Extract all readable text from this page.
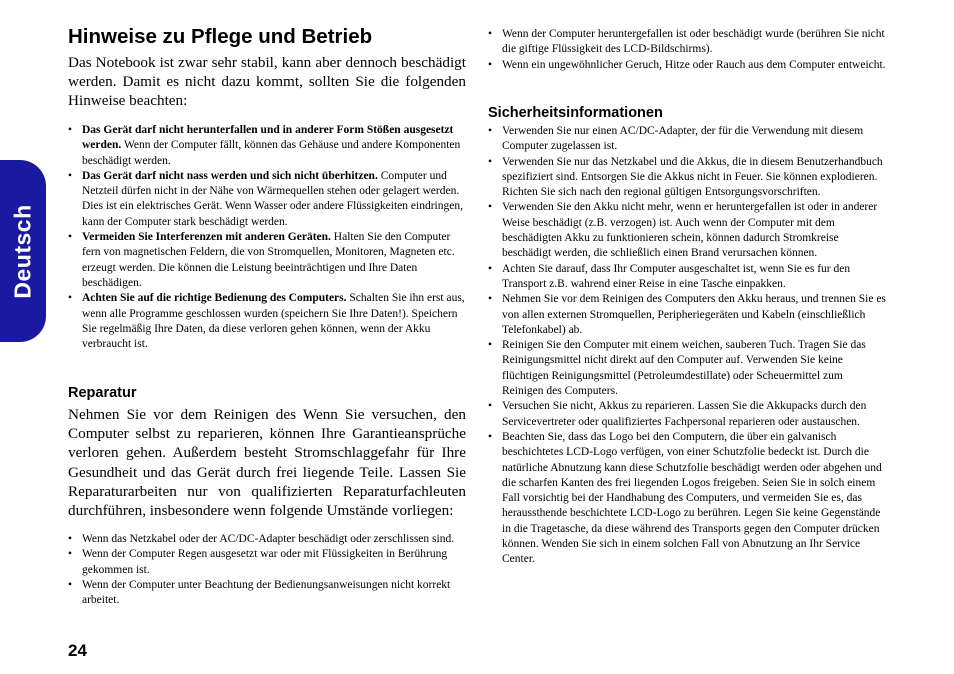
Deutsch
Hinweise zu Pflege und Betrieb

Das Notebook ist zwar sehr stabil, kann aber dennoch beschädigt werden. Damit es nicht dazu kommt, sollten Sie die folgenden Hinweise beachten:

• Das Gerät darf nicht herunterfallen und in anderer Form Stößen ausgesetzt werden. Wenn der Computer fällt, können das Gehäuse und andere Komponenten beschädigt werden.
• Das Gerät darf nicht nass werden und sich nicht überhitzen. Computer und Netzteil dürfen nicht in der Nähe von Wärmequellen stehen oder gelagert werden. Dies ist ein elektrisches Gerät. Wenn Wasser oder andere Flüssigkeiten eindringen, kann der Computer stark beschädigt werden.
• Vermeiden Sie Interferenzen mit anderen Geräten. Halten Sie den Computer fern von magnetischen Feldern, die von Stromquellen, Monitoren, Magneten etc. erzeugt werden. Die können die Leistung beeinträchtigen und Ihre Daten beschädigen.
• Achten Sie auf die richtige Bedienung des Computers. Schalten Sie ihn erst aus, wenn alle Programme geschlossen wurden (speichern Sie Ihre Daten!). Speichern Sie regelmäßig Ihre Daten, da diese verloren gehen können, wenn der Akku verbraucht ist.
Reparatur

Nehmen Sie vor dem Reinigen des Wenn Sie versuchen, den Computer selbst zu reparieren, können Ihre Garantieansprüche verloren gehen. Außerdem besteht Stromschlaggefahr für Ihre Gesundheit und das Gerät durch frei liegende Teile. Lassen Sie Reparaturarbeiten nur von qualifizierten Reparaturfachleuten durchführen, insbesondere wenn folgende Umstände vorliegen:

• Wenn das Netzkabel oder der AC/DC-Adapter beschädigt oder zerschlissen sind.
• Wenn der Computer Regen ausgesetzt war oder mit Flüssigkeiten in Berührung gekommen ist.
• Wenn der Computer unter Beachtung der Bedienungsanweisungen nicht korrekt arbeitet.
• Wenn der Computer heruntergefallen ist oder beschädigt wurde (berühren Sie nicht die giftige Flüssigkeit des LCD-Bildschirms).
• Wenn ein ungewöhnlicher Geruch, Hitze oder Rauch aus dem Computer entweicht.
Sicherheitsinformationen
• Verwenden Sie nur einen AC/DC-Adapter, der für die Verwendung mit diesem Computer zugelassen ist.
• Verwenden Sie nur das Netzkabel und die Akkus, die in diesem Benutzerhandbuch spezifiziert sind. Entsorgen Sie die Akkus nicht in Feuer. Sie können explodieren. Richten Sie sich nach den regional gültigen Entsorgungsvorschriften.
• Verwenden Sie den Akku nicht mehr, wenn er heruntergefallen ist oder in anderer Weise beschädigt (z.B. verzogen) ist. Auch wenn der Computer mit dem beschädigten Akku zu funktionieren schein, können dadurch Stromkreise beschädigt werden, die schließlich einen Brand verursachen können.
• Achten Sie darauf, dass Ihr Computer ausgeschaltet ist, wenn Sie es fur den Transport z.B. wahrend einer Reise in eine Tasche einpakken.
• Nehmen Sie vor dem Reinigen des Computers den Akku heraus, und trennen Sie es von allen externen Stromquellen, Peripheriegeräten und Kabeln (einschließlich Telefonkabel) ab.
• Reinigen Sie den Computer mit einem weichen, sauberen Tuch. Tragen Sie das Reinigungsmittel nicht direkt auf den Computer auf. Verwenden Sie keine flüchtigen Reinigungsmittel (Petroleumdestillate) oder Scheuermittel zum Reinigen des Computers.
• Versuchen Sie nicht, Akkus zu reparieren. Lassen Sie die Akkupacks durch den Servicevertreter oder qualifiziertes Fachpersonal reparieren oder austauschen.
• Beachten Sie, dass das Logo bei den Computern, die über ein galvanisch beschichtetes LCD-Logo verfügen, von einer Schutzfolie bedeckt ist. Durch die natürliche Abnutzung kann diese Schutzfolie beschädigt werden oder abgehen und die scharfen Kanten des frei liegenden Logos freigeben. Seien Sie in solch einem Fall vorsichtig bei der Handhabung des Computers, und vermeiden Sie es, das heraussthende beschichtete LCD-Logo zu berühren. Legen Sie keine Gegenstände in die Tragetasche, da diese während des Transports gegen den Computer drücken können. Wenden Sie sich in einem solchen Fall von Abnutzung an Ihr Service Center.
24
